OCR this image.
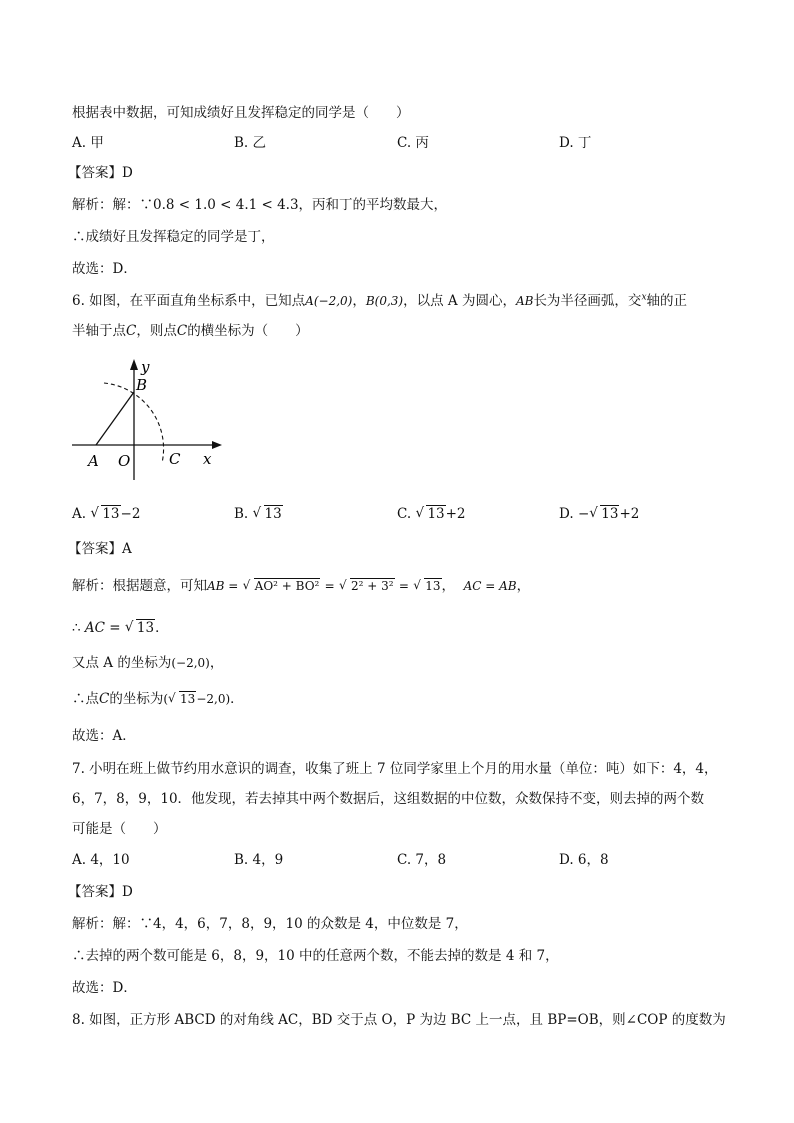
根据表中数据，可知成绩好且发挥稳定的同学是（　　）
A. 甲	B. 乙	C. 丙	D. 丁
【答案】D
解析：解：∵0.8 < 1.0 < 4.1 < 4.3，丙和丁的平均数最大，
∴成绩好且发挥稳定的同学是丁，
故选：D．
6. 如图，在平面直角坐标系中，已知点A(−2,0)，B(0,3)，以点 A 为圆心，AB长为半径画弧，交$^x$轴的正
半轴于点C，则点C的横坐标为（　　）
y
B
A O	C x
A. √ 13−2	B. √ 13	C. √ 13+2	D. − √ 13+2
【答案】A
解析：根据题意，可知AB = √ AO² + BO² = √ 2² + 3² = √ 13， AC = AB，
∴ AC = √ 13．
又点 A 的坐标为(−2,0)，
∴点C的坐标为( √ 13−2,0)．
故选：A．
7. 小明在班上做节约用水意识的调查，收集了班上 7 位同学家里上个月的用水量（单位：吨）如下：4，4，
6，7，8，9，10．他发现，若去掉其中两个数据后，这组数据的中位数，众数保持不变，则去掉的两个数
可能是（　　）
A. 4，10	B. 4，9	C. 7，8	D. 6，8
【答案】D
解析：解：∵4，4，6，7，8，9，10 的众数是 4，中位数是 7，
∴去掉的两个数可能是 6，8，9，10 中的任意两个数，不能去掉的数是 4 和 7，
故选：D．
8. 如图，正方形 ABCD 的对角线 AC，BD 交于点 O，P 为边 BC 上一点，且 BP=OB，则∠COP 的度数为
